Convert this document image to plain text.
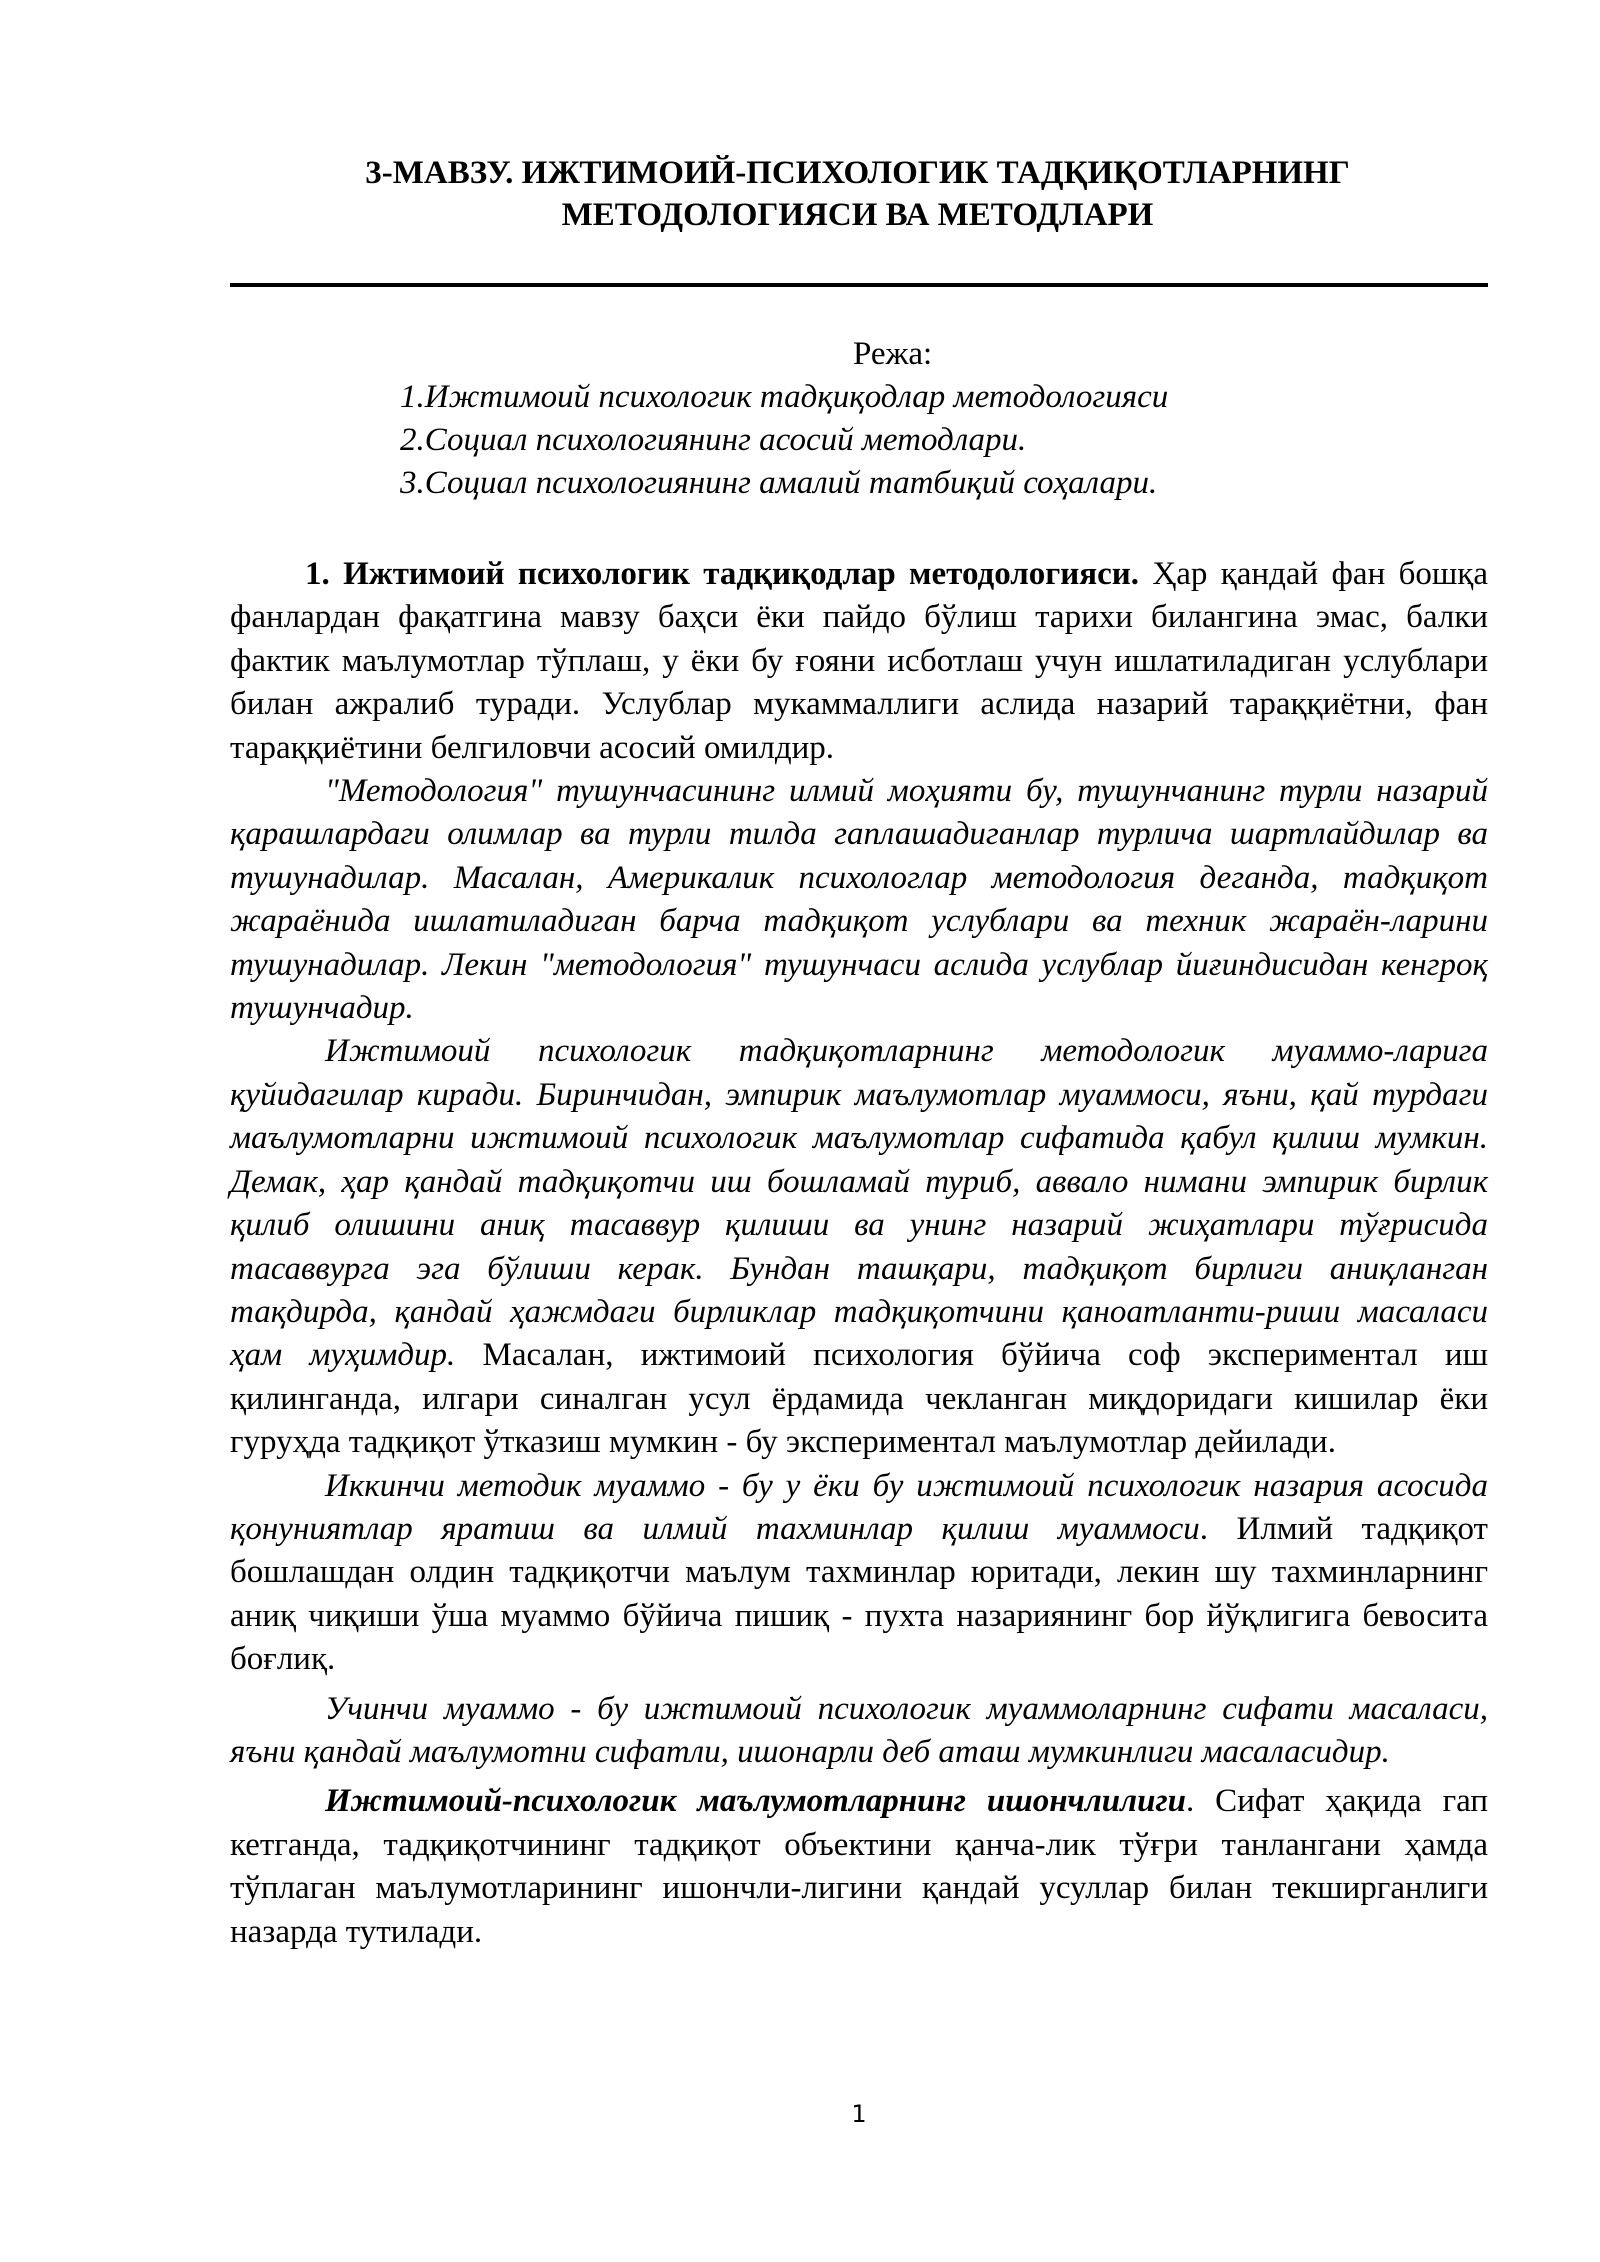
3-МАВЗУ. ИЖТИМОИЙ-ПСИХОЛОГИК ТАДҚИҚОТЛАРНИНГ
МЕТОДОЛОГИЯСИ ВА МЕТОДЛАРИ
Режа:
1.Ижтимоий психологик тадқиқодлар методологияси
2.Социал психологиянинг асосий методлари.
3.Социал психологиянинг амалий татбиқий соҳалари.

1. Ижтимоий психологик тадқиқодлар методологияси. Ҳар қандай фан бошқа фанлардан фақатгина мавзу баҳси ёки пайдо бўлиш тарихи билангина эмас, балки фактик маълумотлар тўплаш, у ёки бу ғояни исботлаш учун ишлатиладиган услублари билан ажралиб туради. Услублар мукаммаллиги аслида назарий тараққиётни, фан тараққиётини белгиловчи асосий омилдир.

"Методология" тушунчасининг илмий моҳияти бу, тушунчанинг турли назарий қарашлардаги олимлар ва турли тилда гаплашадиганлар турлича шартлайдилар ва тушунадилар. Масалан, Америкалик психологлар методология деганда, тадқиқот жараёнида ишлатиладиган барча тадқиқот услублари ва техник жараён-ларини тушунадилар. Лекин "методология" тушунчаси аслида услублар йиғиндисидан кенгроқ тушунчадир.

Ижтимоий психологик тадқиқотларнинг методологик муаммо-ларига қуйидагилар киради. Биринчидан, эмпирик маълумотлар муаммоси, яъни, қай турдаги маълумотларни ижтимоий психологик маълумотлар сифатида қабул қилиш мумкин. Демак, ҳар қандай тадқиқотчи иш бошламай туриб, аввало нимани эмпирик бирлик қилиб олишини аниқ тасаввур қилиши ва унинг назарий жиҳатлари тўғрисида тасаввурга эга бўлиши керак. Бундан ташқари, тадқиқот бирлиги аниқланган тақдирда, қандай ҳажмдаги бирликлар тадқиқотчини қаноатланти-риши масаласи ҳам муҳимдир. Масалан, ижтимоий психология бўйича соф экспериментал иш қилинганда, илгари синалган усул ёрдамида чекланган миқдоридаги кишилар ёки гуруҳда тадқиқот ўтказиш мумкин - бу экспериментал маълумотлар дейилади.

Иккинчи методик муаммо - бу у ёки бу ижтимоий психологик назария асосида қонуниятлар яратиш ва илмий тахминлар қилиш муаммоси. Илмий тадқиқот бошлашдан олдин тадқиқотчи маълум тахминлар юритади, лекин шу тахминларнинг аниқ чиқиши ўша муаммо бўйича пишиқ - пухта назариянинг бор йўқлигига бевосита боғлиқ.

Учинчи муаммо - бу ижтимоий психологик муаммоларнинг сифати масаласи, яъни қандай маълумотни сифатли, ишонарли деб аташ мумкинлиги масаласидир.

Ижтимоий-психологик маълумотларнинг ишончлилиги. Сифат ҳақида гап кетганда, тадқиқотчининг тадқиқот объектини қанча-лик тўғри танлангани ҳамда тўплаган маълумотларининг ишончли-лигини қандай усуллар билан текширганлиги назарда тутилади.

1
